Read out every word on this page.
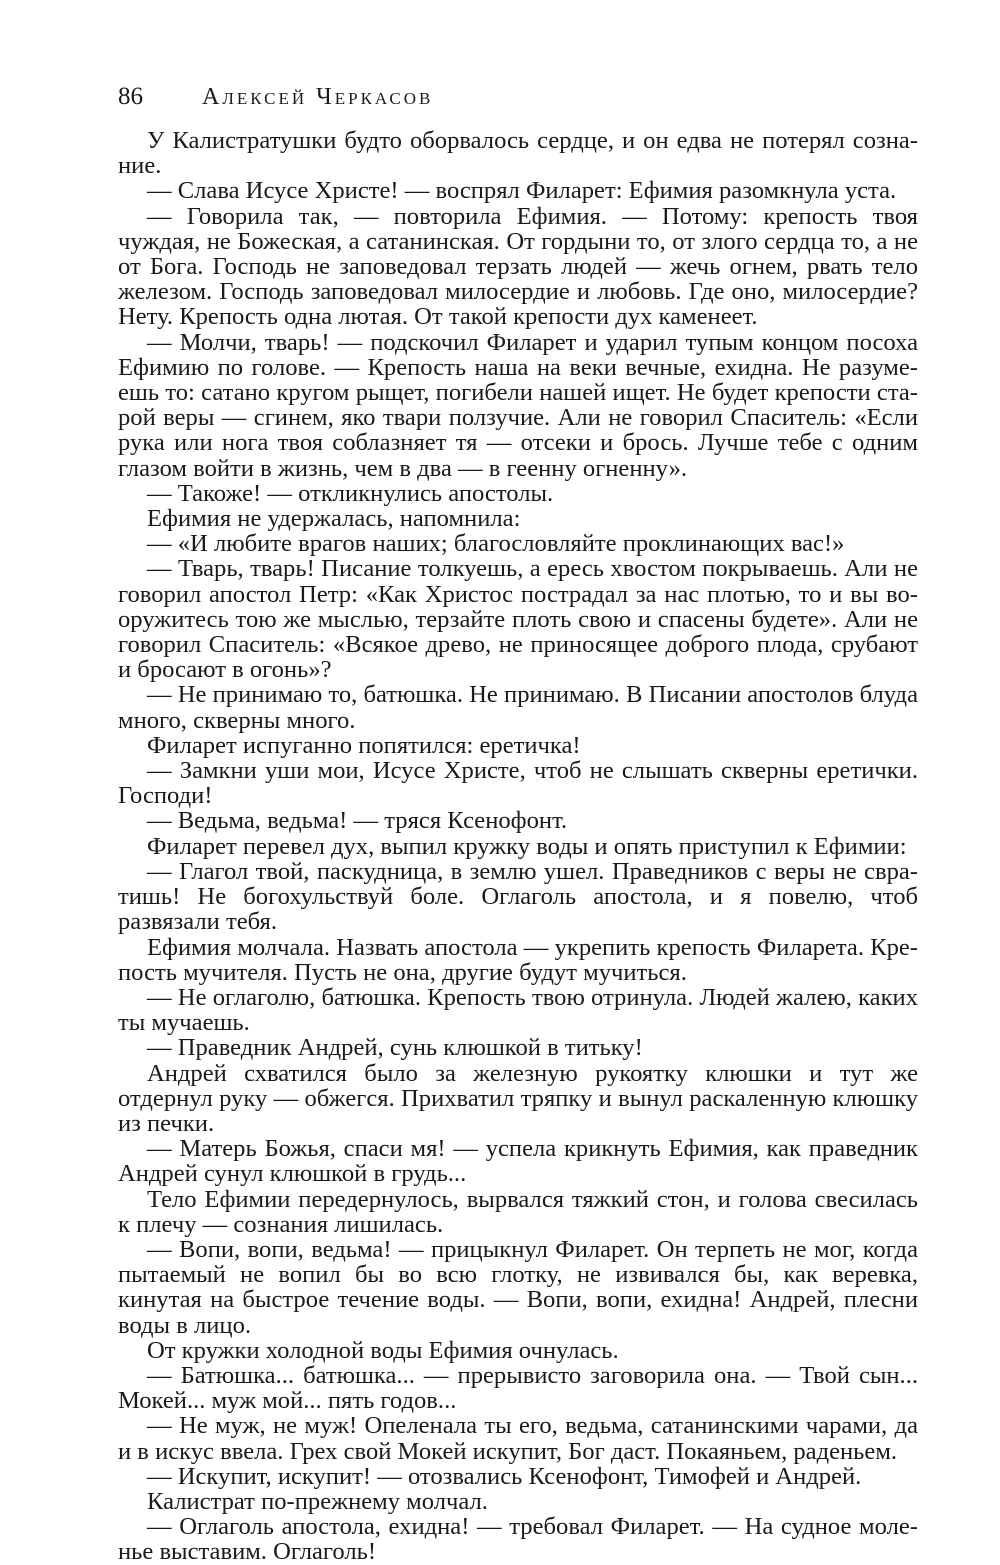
86	Алексей Черкасов

У Калистратушки будто оборвалось сердце, и он едва не потерял сознание.

— Слава Исусе Христе! — воспрял Филарет: Ефимия разомкнула уста.

— Говорила так, — повторила Ефимия. — Потому: крепость твоя чуждая, не Божеская, а сатанинская. От гордыни то, от злого сердца то, а не от Бога. Господь не заповедовал терзать людей — жечь огнем, рвать тело железом. Господь заповедовал милосердие и любовь. Где оно, милосердие? Нету. Крепость одна лютая. От такой крепости дух каменеет.

— Молчи, тварь! — подскочил Филарет и ударил тупым концом посоха Ефимию по голове. — Крепость наша на веки вечные, ехидна. Не разумеешь то: сатано кругом рыщет, погибели нашей ищет. Не будет крепости старой веры — сгинем, яко твари ползучие. Али не говорил Спаситель: «Если рука или нога твоя соблазняет тя — отсеки и брось. Лучше тебе с одним глазом войти в жизнь, чем в два — в геенну огненну».

— Такоже! — откликнулись апостолы.

Ефимия не удержалась, напомнила:

— «И любите врагов наших; благословляйте проклинающих вас!»

— Тварь, тварь! Писание толкуешь, а ересь хвостом покрываешь. Али не говорил апостол Петр: «Как Христос пострадал за нас плотью, то и вы вооружитесь тою же мыслью, терзайте плоть свою и спасены будете». Али не говорил Спаситель: «Всякое древо, не приносящее доброго плода, срубают и бросают в огонь»?

— Не принимаю то, батюшка. Не принимаю. В Писании апостолов блуда много, скверны много.

Филарет испуганно попятился: еретичка!

— Замкни уши мои, Исусе Христе, чтоб не слышать скверны еретички. Господи!

— Ведьма, ведьма! — тряся Ксенофонт.

Филарет перевел дух, выпил кружку воды и опять приступил к Ефимии:

— Глагол твой, паскудница, в землю ушел. Праведников с веры не сврaтишь! Не богохульствуй боле. Оглаголь апостола, и я повелю, чтоб развязали тебя.

Ефимия молчала. Назвать апостола — укрепить крепость Филарета. Крепость мучителя. Пусть не она, другие будут мучиться.

— Не оглаголю, батюшка. Крепость твою отринула. Людей жалею, каких ты мучаешь.

— Праведник Андрей, сунь клюшкой в титьку!

Андрей схватился было за железную рукоятку клюшки и тут же отдернул руку — обжегся. Прихватил тряпку и вынул раскаленную клюшку из печки.

— Матерь Божья, спаси мя! — успела крикнуть Ефимия, как праведник Андрей сунул клюшкой в грудь...

Тело Ефимии передернулось, вырвался тяжкий стон, и голова свесилась к плечу — сознания лишилась.

— Вопи, вопи, ведьма! — прицыкнул Филарет. Он терпеть не мог, когда пытаемый не вопил бы во всю глотку, не извивался бы, как веревка, кинутая на быстрое течение воды. — Вопи, вопи, ехидна! Андрей, плесни воды в лицо.

От кружки холодной воды Ефимия очнулась.

— Батюшка... батюшка... — прерывисто заговорила она. — Твой сын... Мокей... муж мой... пять годов...

— Не муж, не муж! Опеленала ты его, ведьма, сатанинскими чарами, да и в искус ввела. Грех свой Мокей искупит, Бог даст. Покаяньем, раденьем.

— Искупит, искупит! — отозвались Ксенофонт, Тимофей и Андрей.

Калистрат по-прежнему молчал.

— Оглаголь апостола, ехидна! — требовал Филарет. — На судное моленье выставим. Оглаголь!
